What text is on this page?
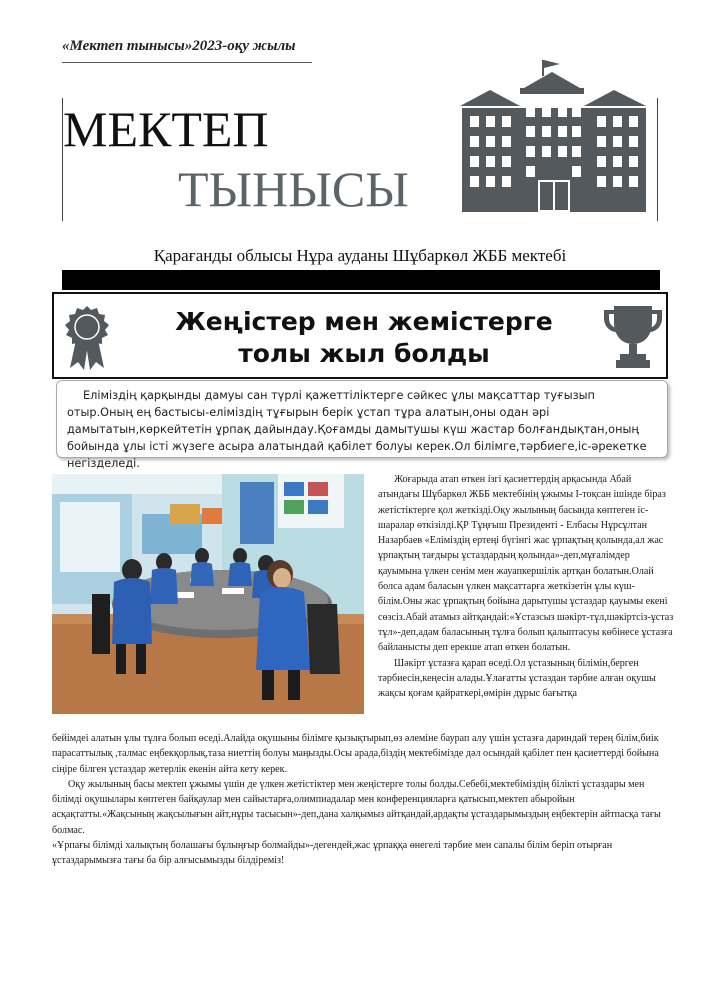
«Мектеп тынысы»2023-оқу жылы
МЕКТЕП
ТЫНЫСЫ
Қарағанды облысы Нұра ауданы Шұбаркөл ЖББ мектебі
Жеңістер мен жемістерге
толы жыл болды

Еліміздің қарқынды дамуы сан түрлі қажеттіліктерге сәйкес ұлы мақсаттар туғызып отыр.Оның ең бастысы-еліміздің тұғырын берік ұстап тұра алатын,оны одан әрі дамытатын,көркейтетін ұрпақ дайындау.Қоғамды дамытушы күш жастар болғандықтан,оның бойында ұлы істі жүзеге асыра алатындай қабілет болуы керек.Ол білімге,тәрбиеге,іс-әрекетке негізделеді.

Жоғарыда атап өткен ізгі қасиеттердің арқасында Абай атындағы Шұбаркөл ЖББ мектебінің ұжымы І-тоқсан ішінде біраз жетістіктерге қол жеткізді.Оқу жылының басында көптеген іс-шаралар өткізілді.ҚР Тұңғыш Президенті - Елбасы Нұрсұлтан Назарбаев «Еліміздің ертеңі бүгінгі жас ұрпақтың қолында,ал жас ұрпақтың тағдыры ұстаздардың қолында»-деп,мұғалімдер қауымына үлкен сенім мен жауапкершілік артқан болатын.Олай болса адам баласын үлкен мақсаттарға жеткізетін ұлы күш-білім.Оны жас ұрпақтың бойына дарытушы ұстаздар қауымы екені сөзсіз.Абай атамыз айтқандай:«Ұстазсыз шәкірт-тұл,шәкіртсіз-ұстаз тұл»-деп,адам баласының тұлға болып қалыптасуы көбінесе ұстазға байланысты деп ерекше атап өткен болатын.

Шәкірт ұстазға қарап өседі.Ол ұстазының білімін,берген тәрбиесін,кеңесін алады.Ұлағатты ұстаздан тәрбие алған оқушы жақсы қоғам қайраткері,өмірін дұрыс бағытқа

бейімдеі алатын ұлы тұлға болып өседі.Алайда оқушыны білімге қызықтырып,өз әлеміне баурап алу үшін ұстазға дариндай терең білім,биік парасаттылық ,талмас еңбекқорлық,таза ниеттің болуы маңызды.Осы арада,біздің мектебімізде дәл осындай қабілет пен қасиеттерді бойына сіңіре білген ұстаздар жетерлік екенін айта кету керек.

Оқу жылының басы мектеп ұжымы үшін де үлкен жетістіктер мен жеңістерге толы болды.Себебі,мектебіміздің білікті ұстаздары мен білімді оқушылары көптеген байқаулар мен сайыстарға,олимпиадалар мен конференцияларға қатысып,мектеп абыройын асқақтатты.«Жақсының жақсылығын айт,нұры тасысын»-деп,дана халқымыз айтқандай,ардақты ұстаздарымыздың еңбектерін айтпасқа тағы болмас.

«Ұрпағы білімді халықтың болашағы бұлыңғыр болмайды»-дегендей,жас ұрпаққа өнегелі тәрбие мен сапалы білім беріп отырған ұстаздарымызға тағы ба бір алғысымызды білдіреміз!
